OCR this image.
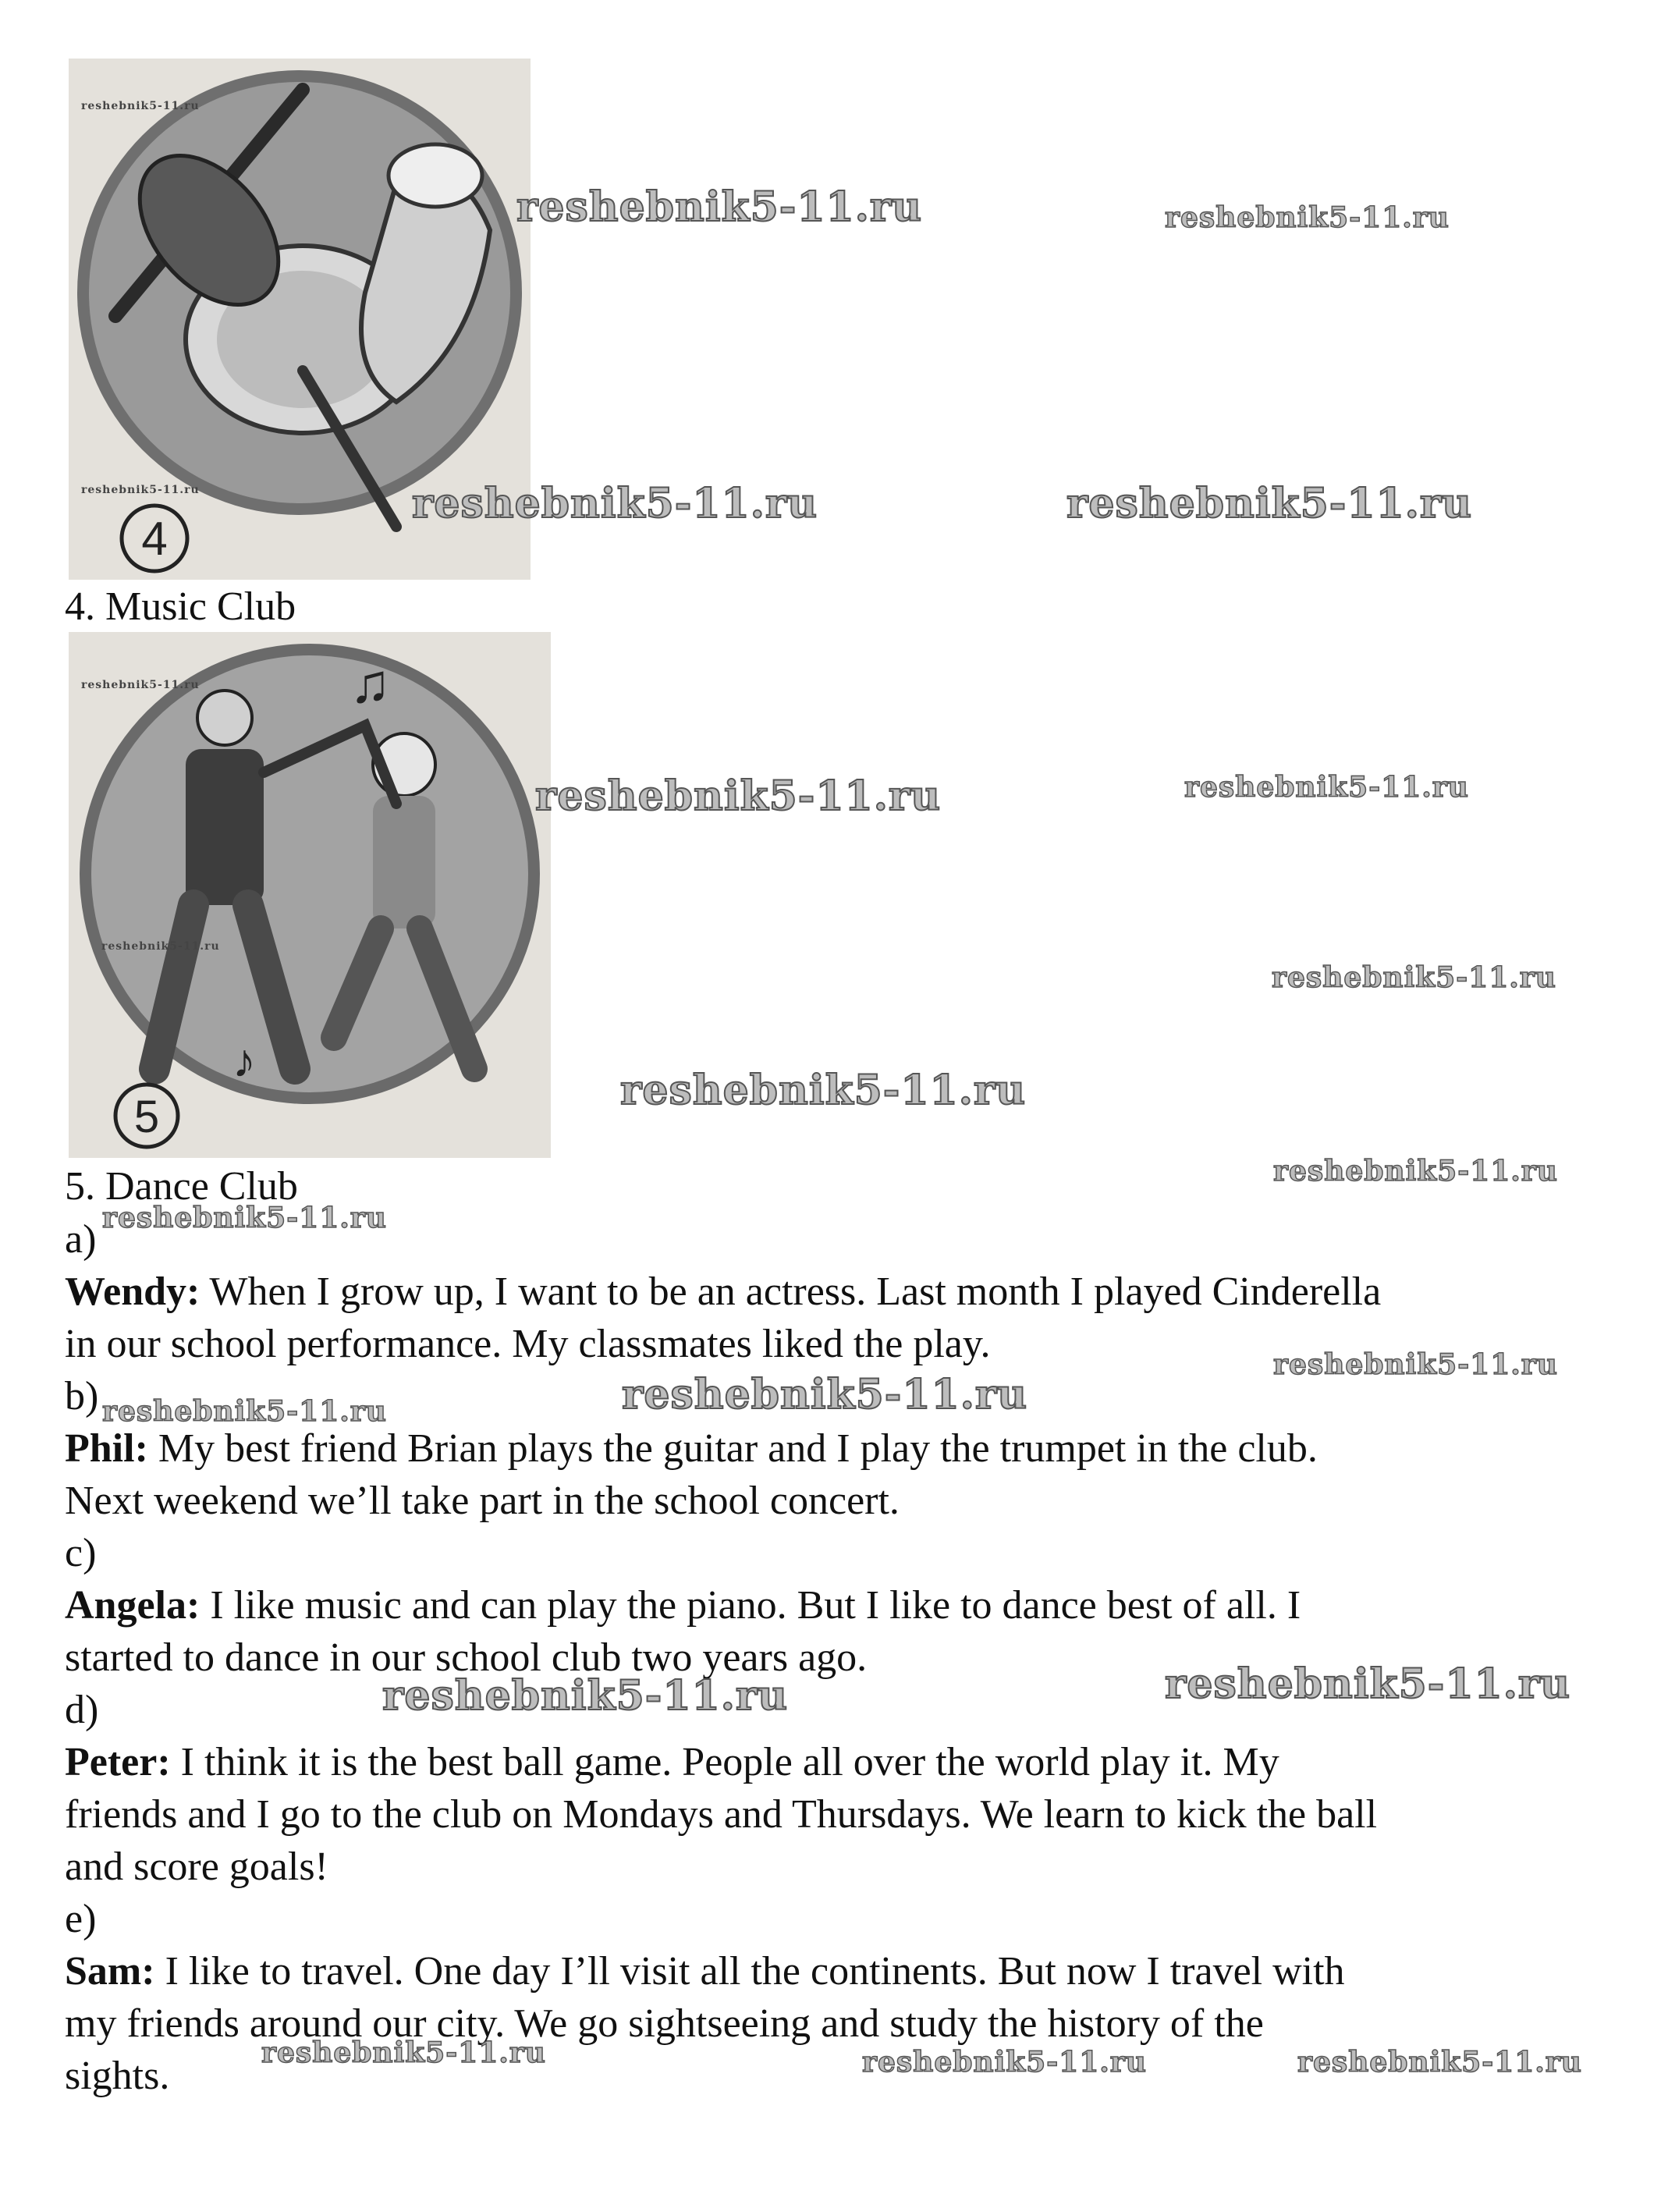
4
4. Music Club
♫
♪
5
5. Dance Club
a)
Wendy: When I grow up, I want to be an actress. Last month I played Cinderella
in our school performance. My classmates liked the play.
b)
Phil: My best friend Brian plays the guitar and I play the trumpet in the club.
Next weekend we’ll take part in the school concert.
c)
Angela: I like music and can play the piano. But I like to dance best of all. I
started to dance in our school club two years ago.
d)
Peter: I think it is the best ball game. People all over the world play it. My
friends and I go to the club on Mondays and Thursdays. We learn to kick the ball
and score goals!
e)
Sam: I like to travel. One day I’ll visit all the continents. But now I travel with
my friends around our city. We go sightseeing and study the history of the
sights.
reshebnik5-11.ru	reshebnik5-11.ru
reshebnik5-11.ru	reshebnik5-11.ru
reshebnik5-11.ru	reshebnik5-11.ru
reshebnik5-11.ru
reshebnik5-11.ru
reshebnik5-11.ru
reshebnik5-11.ru
reshebnik5-11.ru
reshebnik5-11.ru	reshebnik5-11.ru
reshebnik5-11.ru	reshebnik5-11.ru
reshebnik5-11.ru	reshebnik5-11.ru	reshebnik5-11.ru
reshebnik5-11.ru
reshebnik5-11.ru
reshebnik5-11.ru
reshebnik5-11.ru
